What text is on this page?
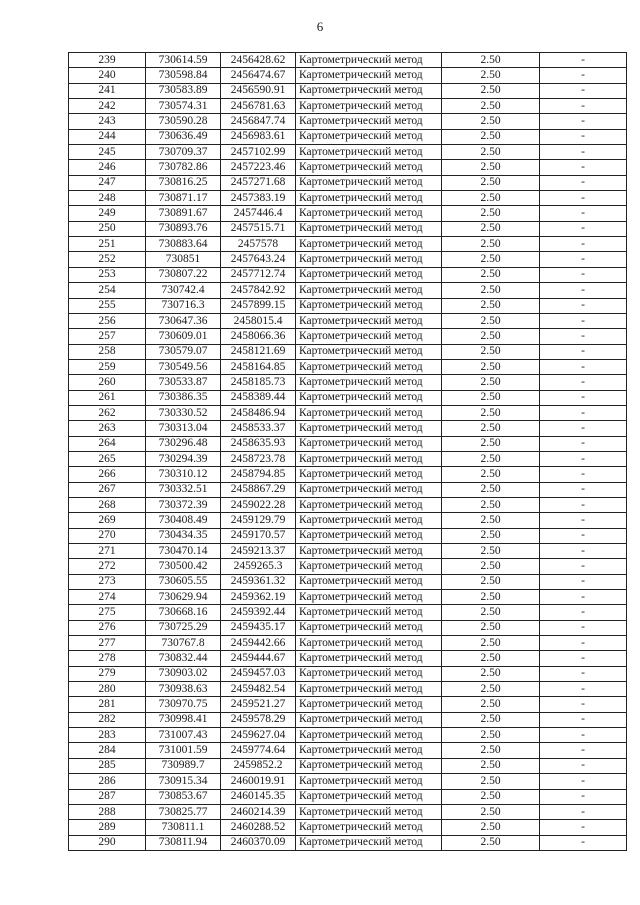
6
239	730614.59	2456428.62	Картометрический метод	2.50	-
240	730598.84	2456474.67	Картометрический метод	2.50	-
241	730583.89	2456590.91	Картометрический метод	2.50	-
242	730574.31	2456781.63	Картометрический метод	2.50	-
243	730590.28	2456847.74	Картометрический метод	2.50	-
244	730636.49	2456983.61	Картометрический метод	2.50	-
245	730709.37	2457102.99	Картометрический метод	2.50	-
246	730782.86	2457223.46	Картометрический метод	2.50	-
247	730816.25	2457271.68	Картометрический метод	2.50	-
248	730871.17	2457383.19	Картометрический метод	2.50	-
249	730891.67	2457446.4	Картометрический метод	2.50	-
250	730893.76	2457515.71	Картометрический метод	2.50	-
251	730883.64	2457578	Картометрический метод	2.50	-
252	730851	2457643.24	Картометрический метод	2.50	-
253	730807.22	2457712.74	Картометрический метод	2.50	-
254	730742.4	2457842.92	Картометрический метод	2.50	-
255	730716.3	2457899.15	Картометрический метод	2.50	-
256	730647.36	2458015.4	Картометрический метод	2.50	-
257	730609.01	2458066.36	Картометрический метод	2.50	-
258	730579.07	2458121.69	Картометрический метод	2.50	-
259	730549.56	2458164.85	Картометрический метод	2.50	-
260	730533.87	2458185.73	Картометрический метод	2.50	-
261	730386.35	2458389.44	Картометрический метод	2.50	-
262	730330.52	2458486.94	Картометрический метод	2.50	-
263	730313.04	2458533.37	Картометрический метод	2.50	-
264	730296.48	2458635.93	Картометрический метод	2.50	-
265	730294.39	2458723.78	Картометрический метод	2.50	-
266	730310.12	2458794.85	Картометрический метод	2.50	-
267	730332.51	2458867.29	Картометрический метод	2.50	-
268	730372.39	2459022.28	Картометрический метод	2.50	-
269	730408.49	2459129.79	Картометрический метод	2.50	-
270	730434.35	2459170.57	Картометрический метод	2.50	-
271	730470.14	2459213.37	Картометрический метод	2.50	-
272	730500.42	2459265.3	Картометрический метод	2.50	-
273	730605.55	2459361.32	Картометрический метод	2.50	-
274	730629.94	2459362.19	Картометрический метод	2.50	-
275	730668.16	2459392.44	Картометрический метод	2.50	-
276	730725.29	2459435.17	Картометрический метод	2.50	-
277	730767.8	2459442.66	Картометрический метод	2.50	-
278	730832.44	2459444.67	Картометрический метод	2.50	-
279	730903.02	2459457.03	Картометрический метод	2.50	-
280	730938.63	2459482.54	Картометрический метод	2.50	-
281	730970.75	2459521.27	Картометрический метод	2.50	-
282	730998.41	2459578.29	Картометрический метод	2.50	-
283	731007.43	2459627.04	Картометрический метод	2.50	-
284	731001.59	2459774.64	Картометрический метод	2.50	-
285	730989.7	2459852.2	Картометрический метод	2.50	-
286	730915.34	2460019.91	Картометрический метод	2.50	-
287	730853.67	2460145.35	Картометрический метод	2.50	-
288	730825.77	2460214.39	Картометрический метод	2.50	-
289	730811.1	2460288.52	Картометрический метод	2.50	-
290	730811.94	2460370.09	Картометрический метод	2.50	-
